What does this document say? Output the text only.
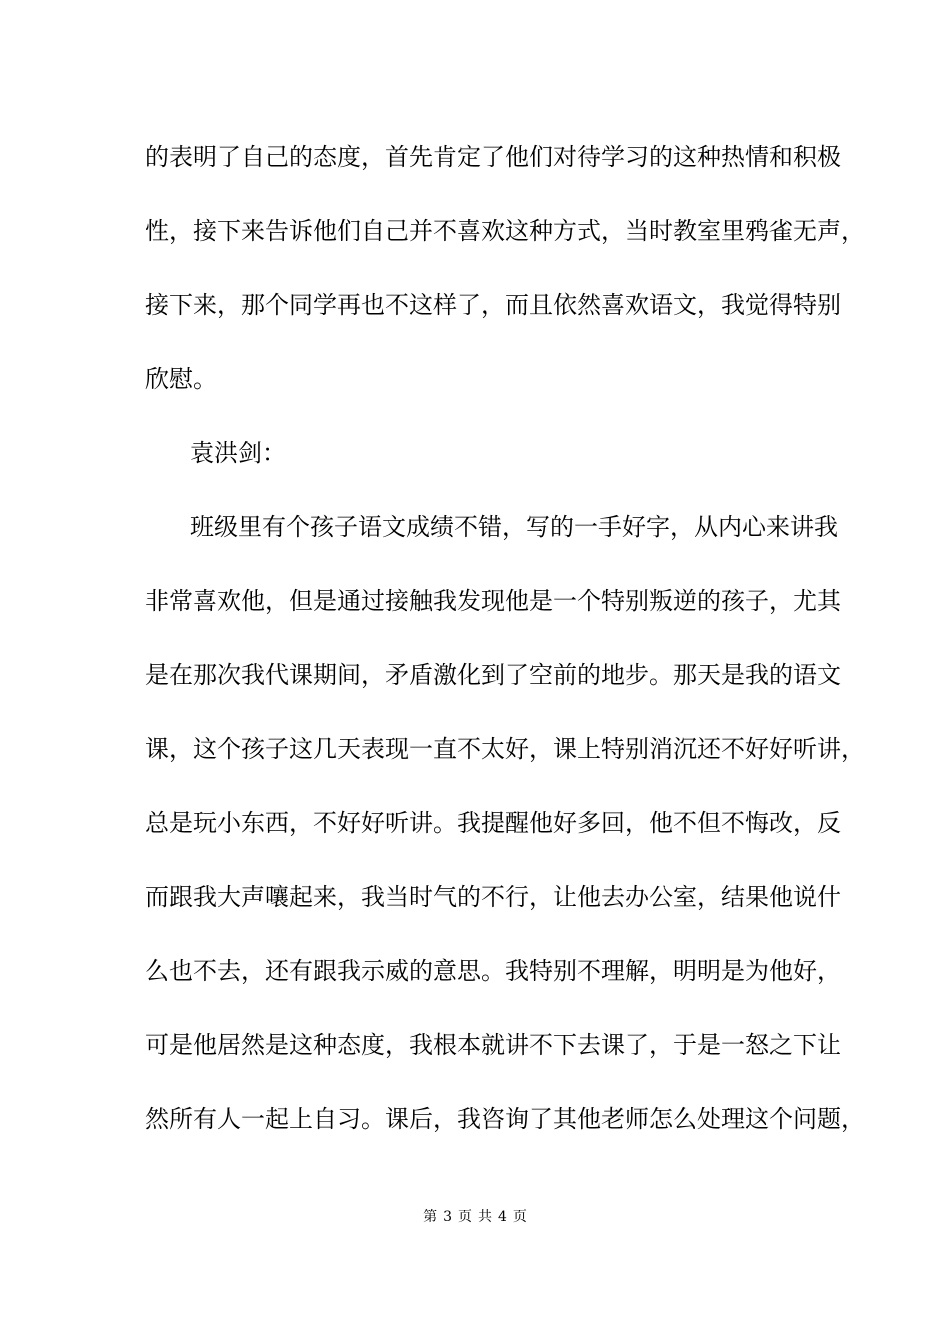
的表明了自己的态度，首先肯定了他们对待学习的这种热情和积极
性，接下来告诉他们自己并不喜欢这种方式，当时教室里鸦雀无声，
接下来，那个同学再也不这样了，而且依然喜欢语文，我觉得特别
欣慰。
袁洪剑：
班级里有个孩子语文成绩不错，写的一手好字，从内心来讲我
非常喜欢他，但是通过接触我发现他是一个特别叛逆的孩子，尤其
是在那次我代课期间，矛盾激化到了空前的地步。那天是我的语文
课，这个孩子这几天表现一直不太好，课上特别消沉还不好好听讲，
总是玩小东西，不好好听讲。我提醒他好多回，他不但不悔改，反
而跟我大声嚷起来，我当时气的不行，让他去办公室，结果他说什
么也不去，还有跟我示威的意思。我特别不理解，明明是为他好，
可是他居然是这种态度，我根本就讲不下去课了，于是一怒之下让
然所有人一起上自习。课后，我咨询了其他老师怎么处理这个问题，
第 3 页 共 4 页
